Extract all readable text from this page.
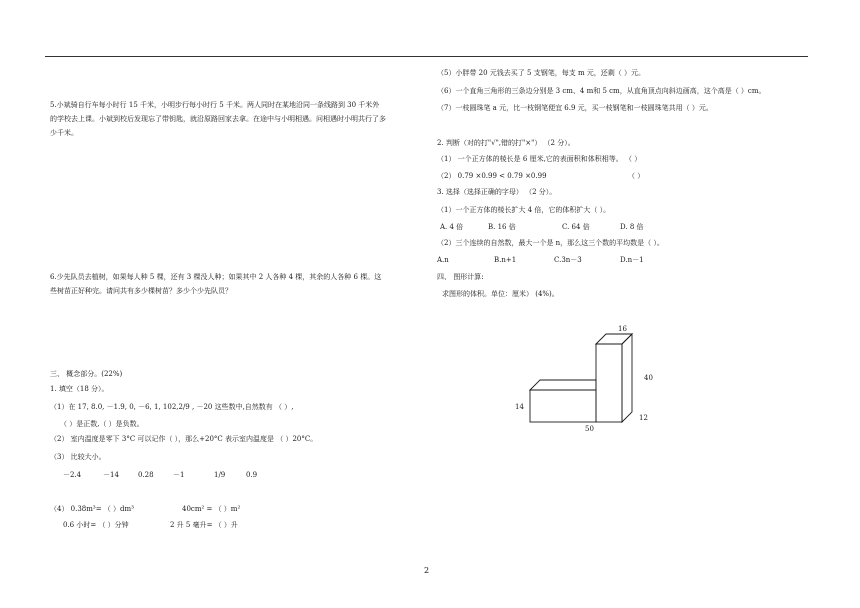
5.小斌骑自行车每小时行 15 千米，小明步行每小时行 5 千米。两人同时在某地沿同一条线路到 30 千米外的学校去上课。小斌到校后发现忘了带钥匙，就沿原路回家去拿。在途中与小明相遇。问相遇时小明共行了多少千米。
6.少先队员去植树，如果每人种 5 棵，还有 3 棵没人种；如果其中 2 人各种 4 棵，其余的人各种 6 棵。这些树苗正好种完。请问共有多少棵树苗？多少个少先队员？
三、 概念部分。(22%)
1. 填空（18 分）。
（1）在 17, 8.0, －1.9, 0, －6, 1, 102,2/9 , －20 这些数中,自然数有 （ ）,
（ ）是正数,（ ）是负数。
（2） 室内温度是零下 3°C 可以记作（ ），那么+20°C 表示室内温度是 （ ）20°C。
（3） 比较大小。
－2.4	－14	0.28	－1	1/9	0.9
（4） 0.38m³= （ ）dm³	40cm² = （ ）m²
0.6 小时= （ ）分钟	2 升 5 毫升= （ ）升
（5）小胖带 20 元钱去买了 5 支钢笔，每支 m 元，还剩（ ）元。
（6）一个直角三角形的三条边分别是 3 cm、4 m和 5 cm，从直角顶点向斜边画高，这个高是（ ）cm。
（7）一枝圆珠笔 a 元，比一枝钢笔便宜 6.9 元，买一枝钢笔和一枝圆珠笔共用（ ）元。
2. 判断（对的打"√",错的打"×"） （2 分）。
（1） 一个正方体的棱长是 6 厘米,它的表面积和体积相等。 （ ）
（2） 0.79 ×0.99 < 0.79 ×0.99	（ ）
3. 选择（选择正确的字母） （2 分）。
（1）一个正方体的棱长扩大 4 倍，它的体积扩大（ ）。
A. 4 倍	B. 16 倍	C. 64 倍	D. 8 倍
（2）三个连续的自然数，最大一个是 n，那么这三个数的平均数是（ ）。
A.n	B.n+1	C.3n－3	D.n－1
四、 图形计算:
求图形的体积。单位：厘米） (4%)。
16
40
14
12
50
2
